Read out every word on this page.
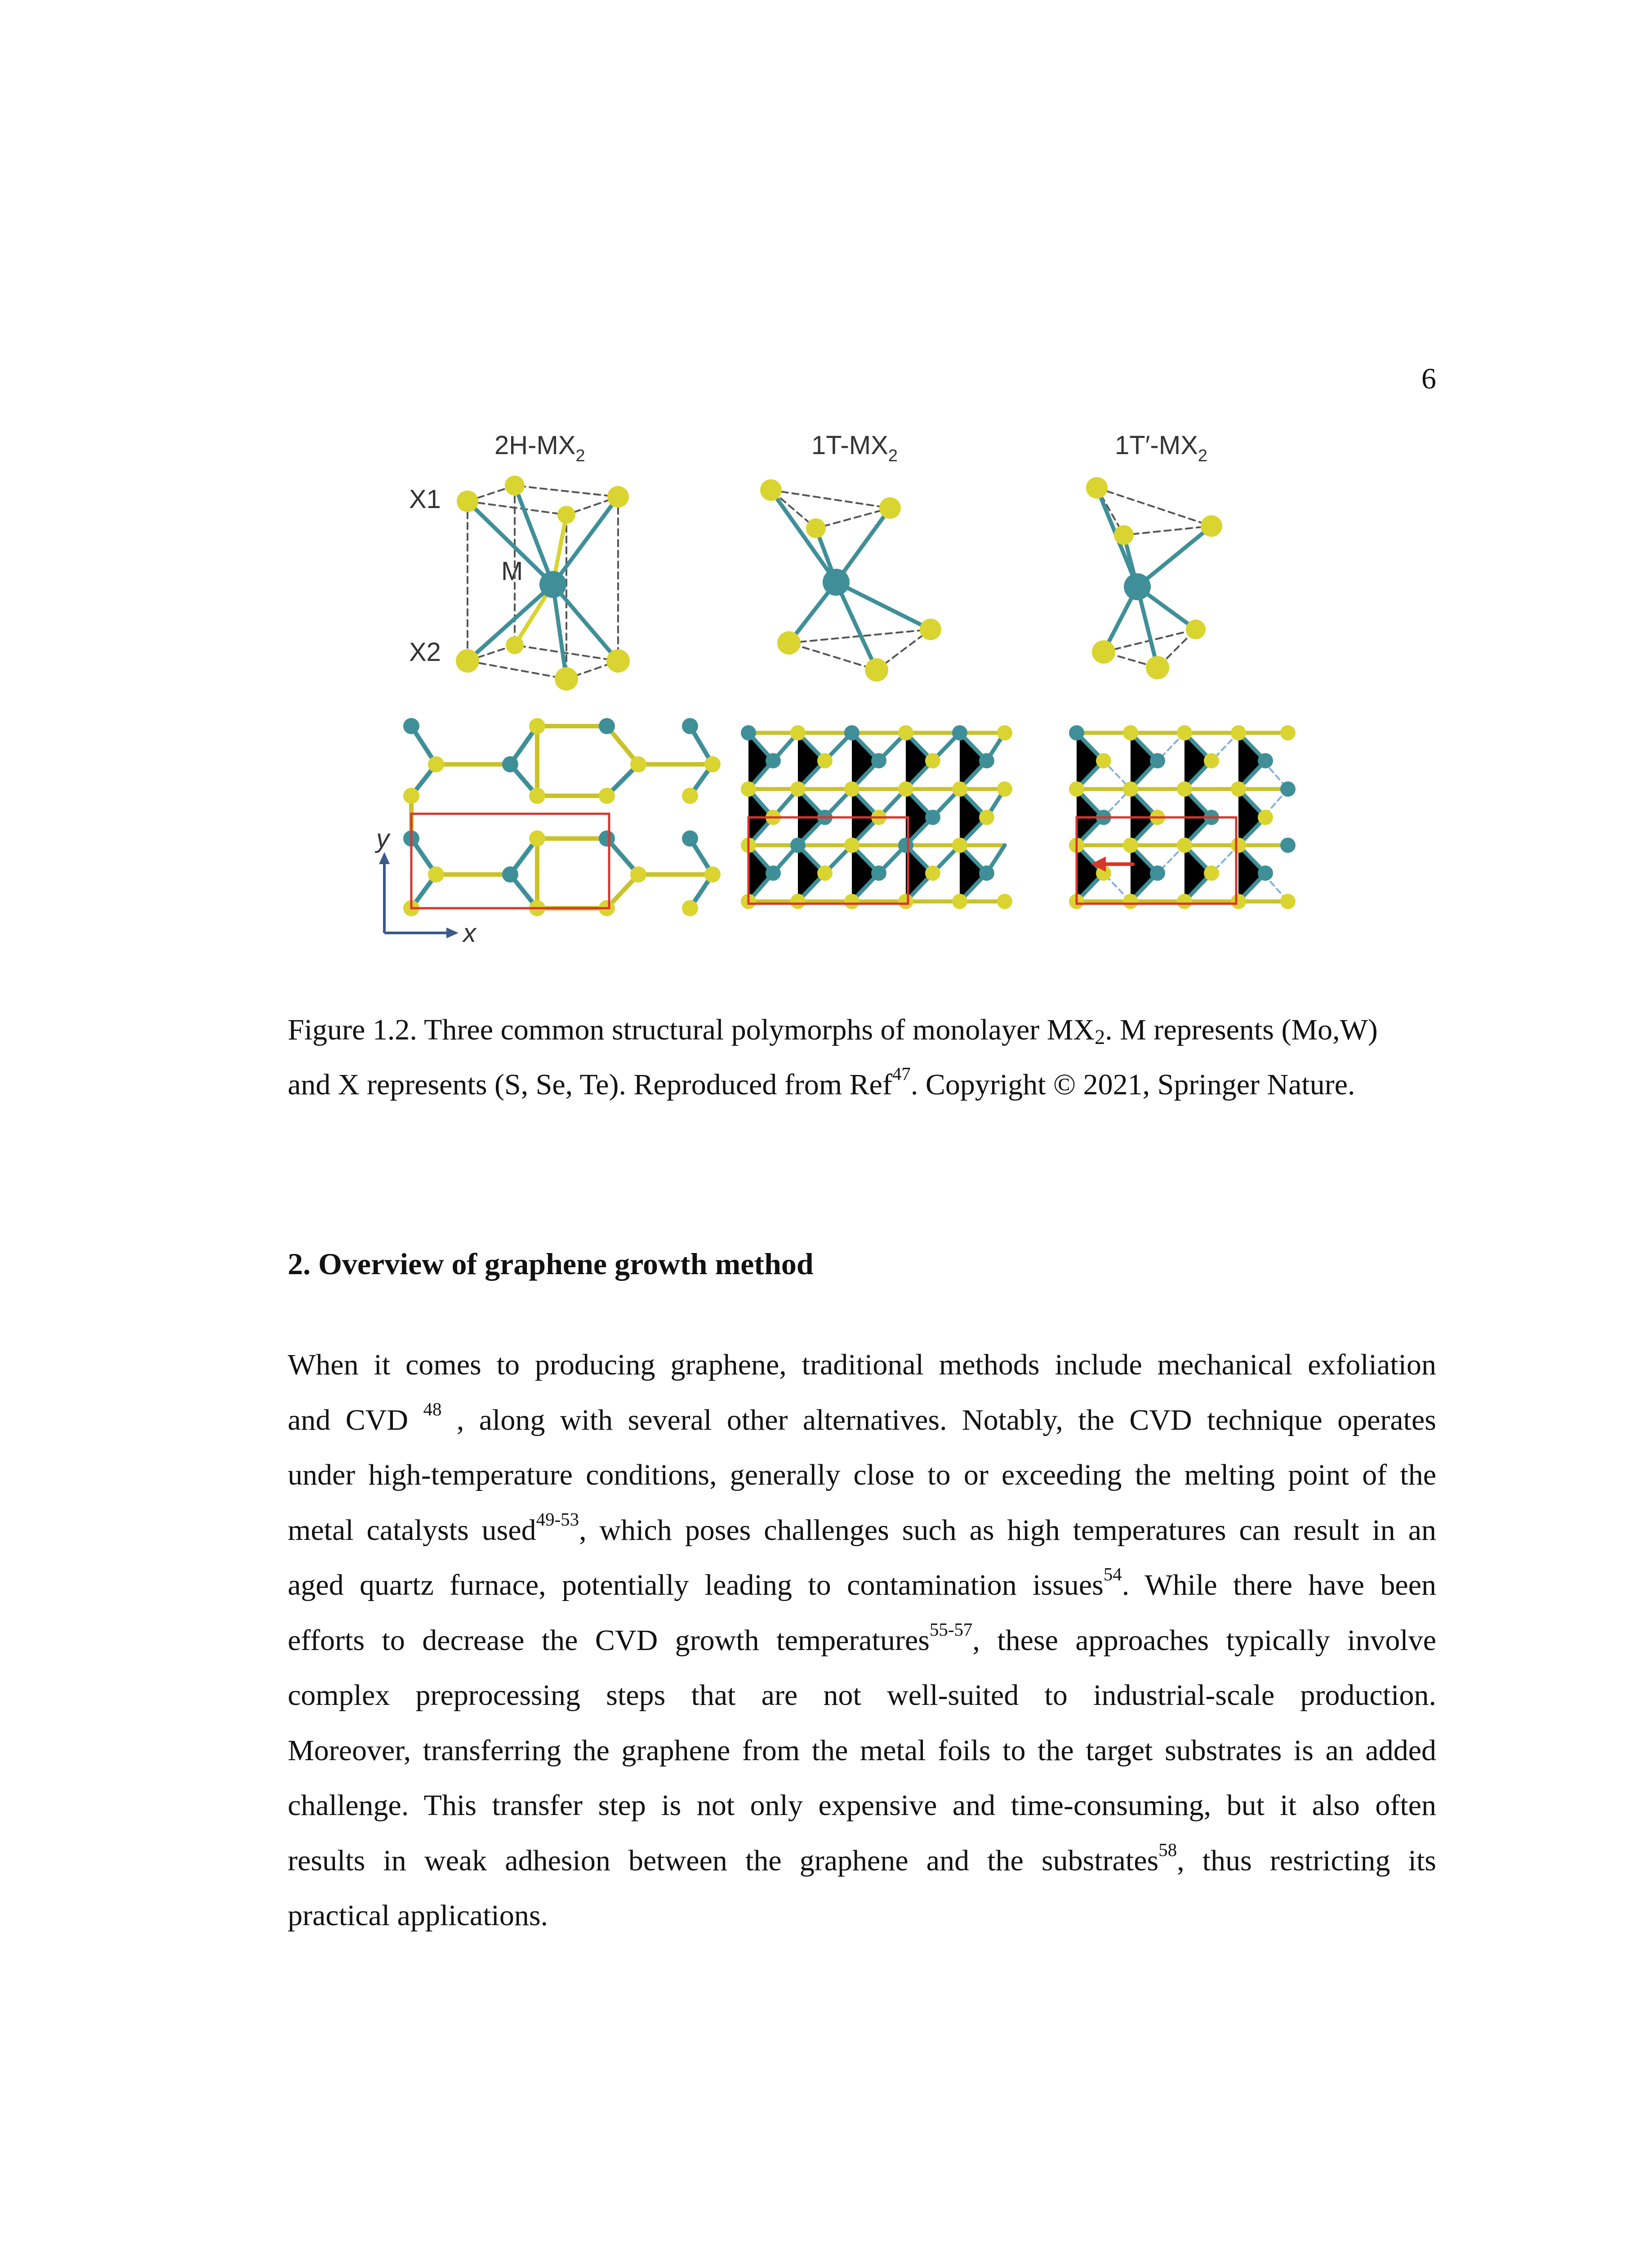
6
$2H-MX_2$	$1T-MX_2$	$1T'-MX_2$
X1
M
X2
y
x
Figure 1.2. Three common structural polymorphs of monolayer $MX_2$. M represents (Mo,W)
and X represents (S, Se, Te). Reproduced from Ref$^{47}$. Copyright © 2021, Springer Nature.
2. Overview of graphene growth method
When it comes to producing graphene, traditional methods include mechanical exfoliation
and CVD $^{48}$ , along with several other alternatives. Notably, the CVD technique operates
under high-temperature conditions, generally close to or exceeding the melting point of the
metal catalysts used$^{49-53}$, which poses challenges such as high temperatures can result in an
aged quartz furnace, potentially leading to contamination issues$^{54}$. While there have been
efforts to decrease the CVD growth temperatures$^{55-57}$, these approaches typically involve
complex preprocessing steps that are not well-suited to industrial-scale production.
Moreover, transferring the graphene from the metal foils to the target substrates is an added
challenge. This transfer step is not only expensive and time-consuming, but it also often
results in weak adhesion between the graphene and the substrates$^{58}$, thus restricting its
practical applications.
